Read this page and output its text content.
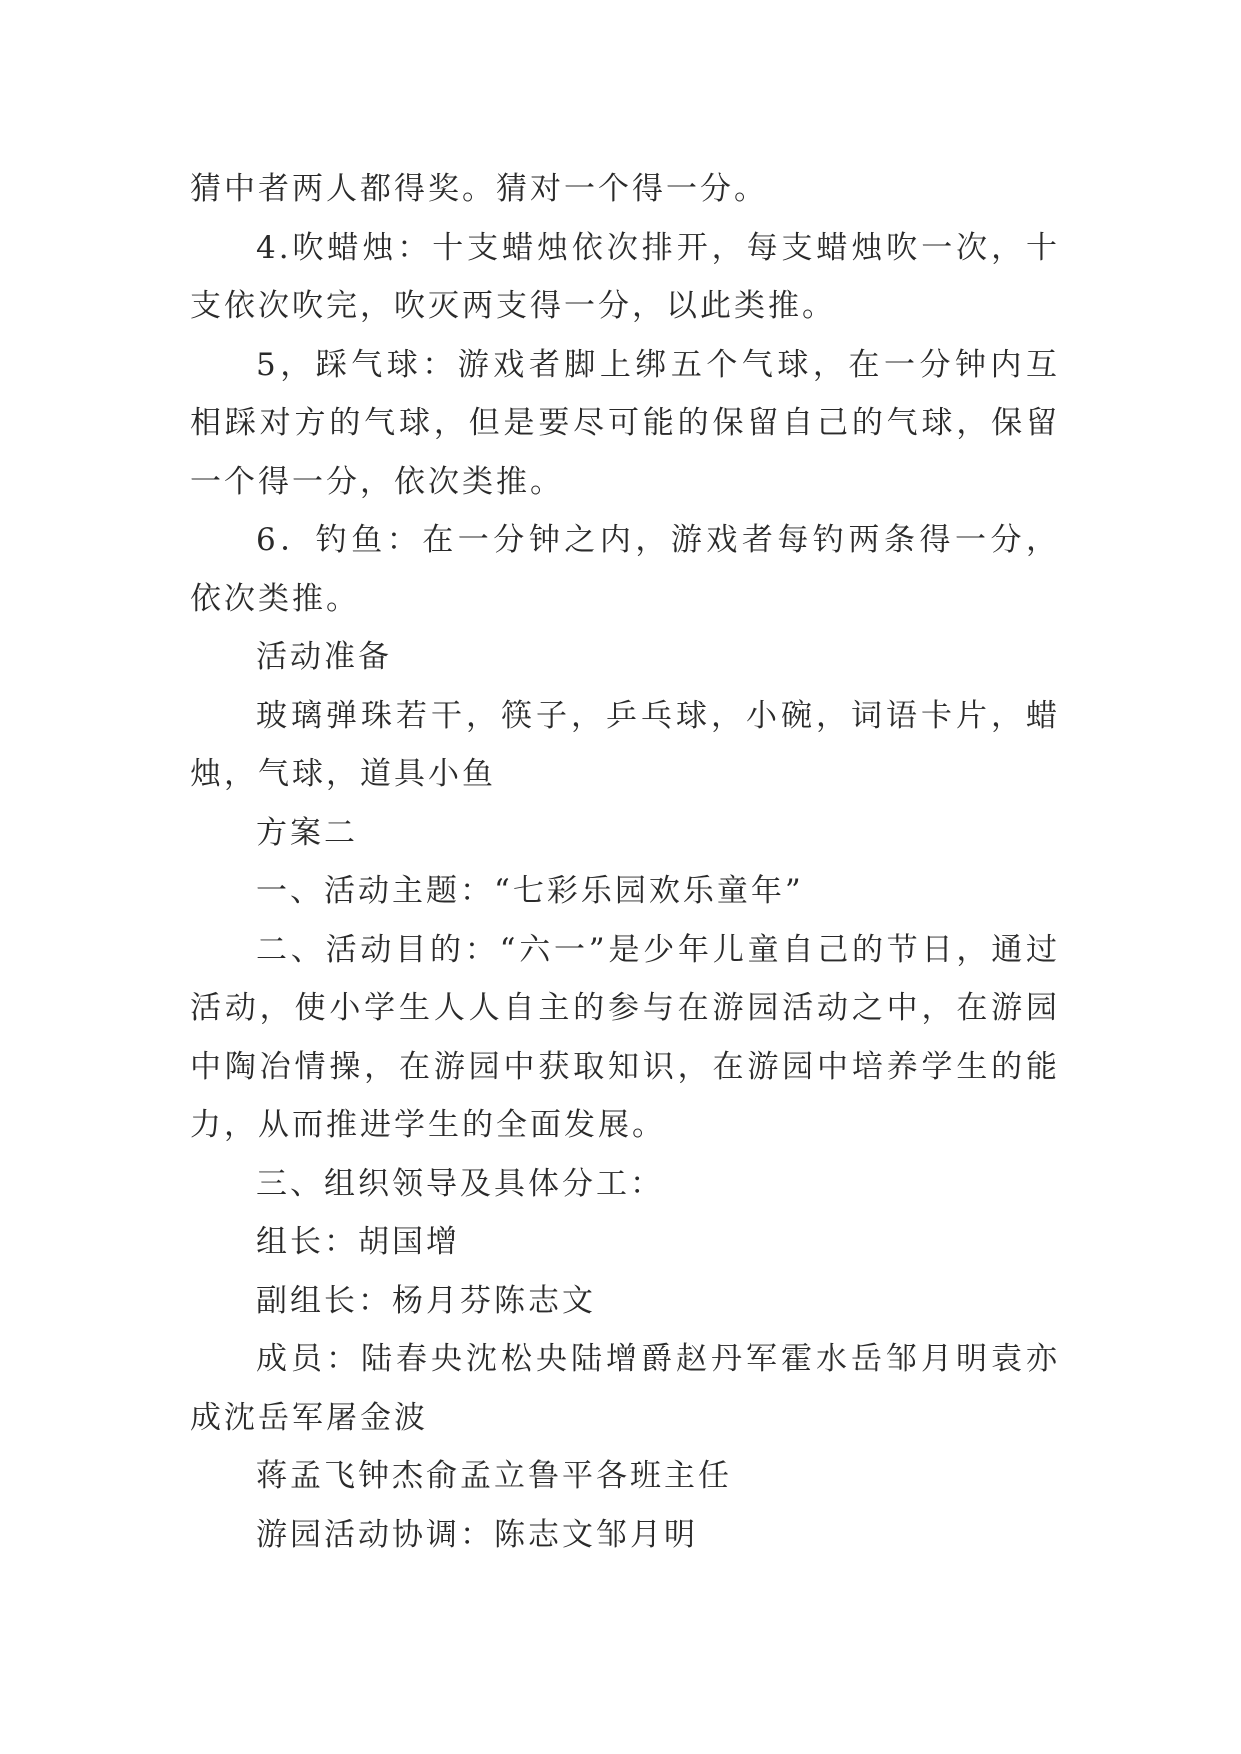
猜中者两人都得奖。猜对一个得一分。

4.吹蜡烛：十支蜡烛依次排开，每支蜡烛吹一次，十支依次吹完，吹灭两支得一分，以此类推。

5，踩气球：游戏者脚上绑五个气球，在一分钟内互相踩对方的气球，但是要尽可能的保留自己的气球，保留一个得一分，依次类推。

6．钓鱼：在一分钟之内，游戏者每钓两条得一分，依次类推。

活动准备

玻璃弹珠若干，筷子，乒乓球，小碗，词语卡片，蜡烛，气球，道具小鱼

方案二

一、活动主题：“七彩乐园欢乐童年”

二、活动目的：“六一”是少年儿童自己的节日，通过活动，使小学生人人自主的参与在游园活动之中，在游园中陶冶情操，在游园中获取知识，在游园中培养学生的能力，从而推进学生的全面发展。

三、组织领导及具体分工：

组长：胡国增

副组长：杨月芬陈志文

成员：陆春央沈松央陆增爵赵丹军霍水岳邹月明袁亦成沈岳军屠金波

蒋孟飞钟杰俞孟立鲁平各班主任

游园活动协调：陈志文邹月明
